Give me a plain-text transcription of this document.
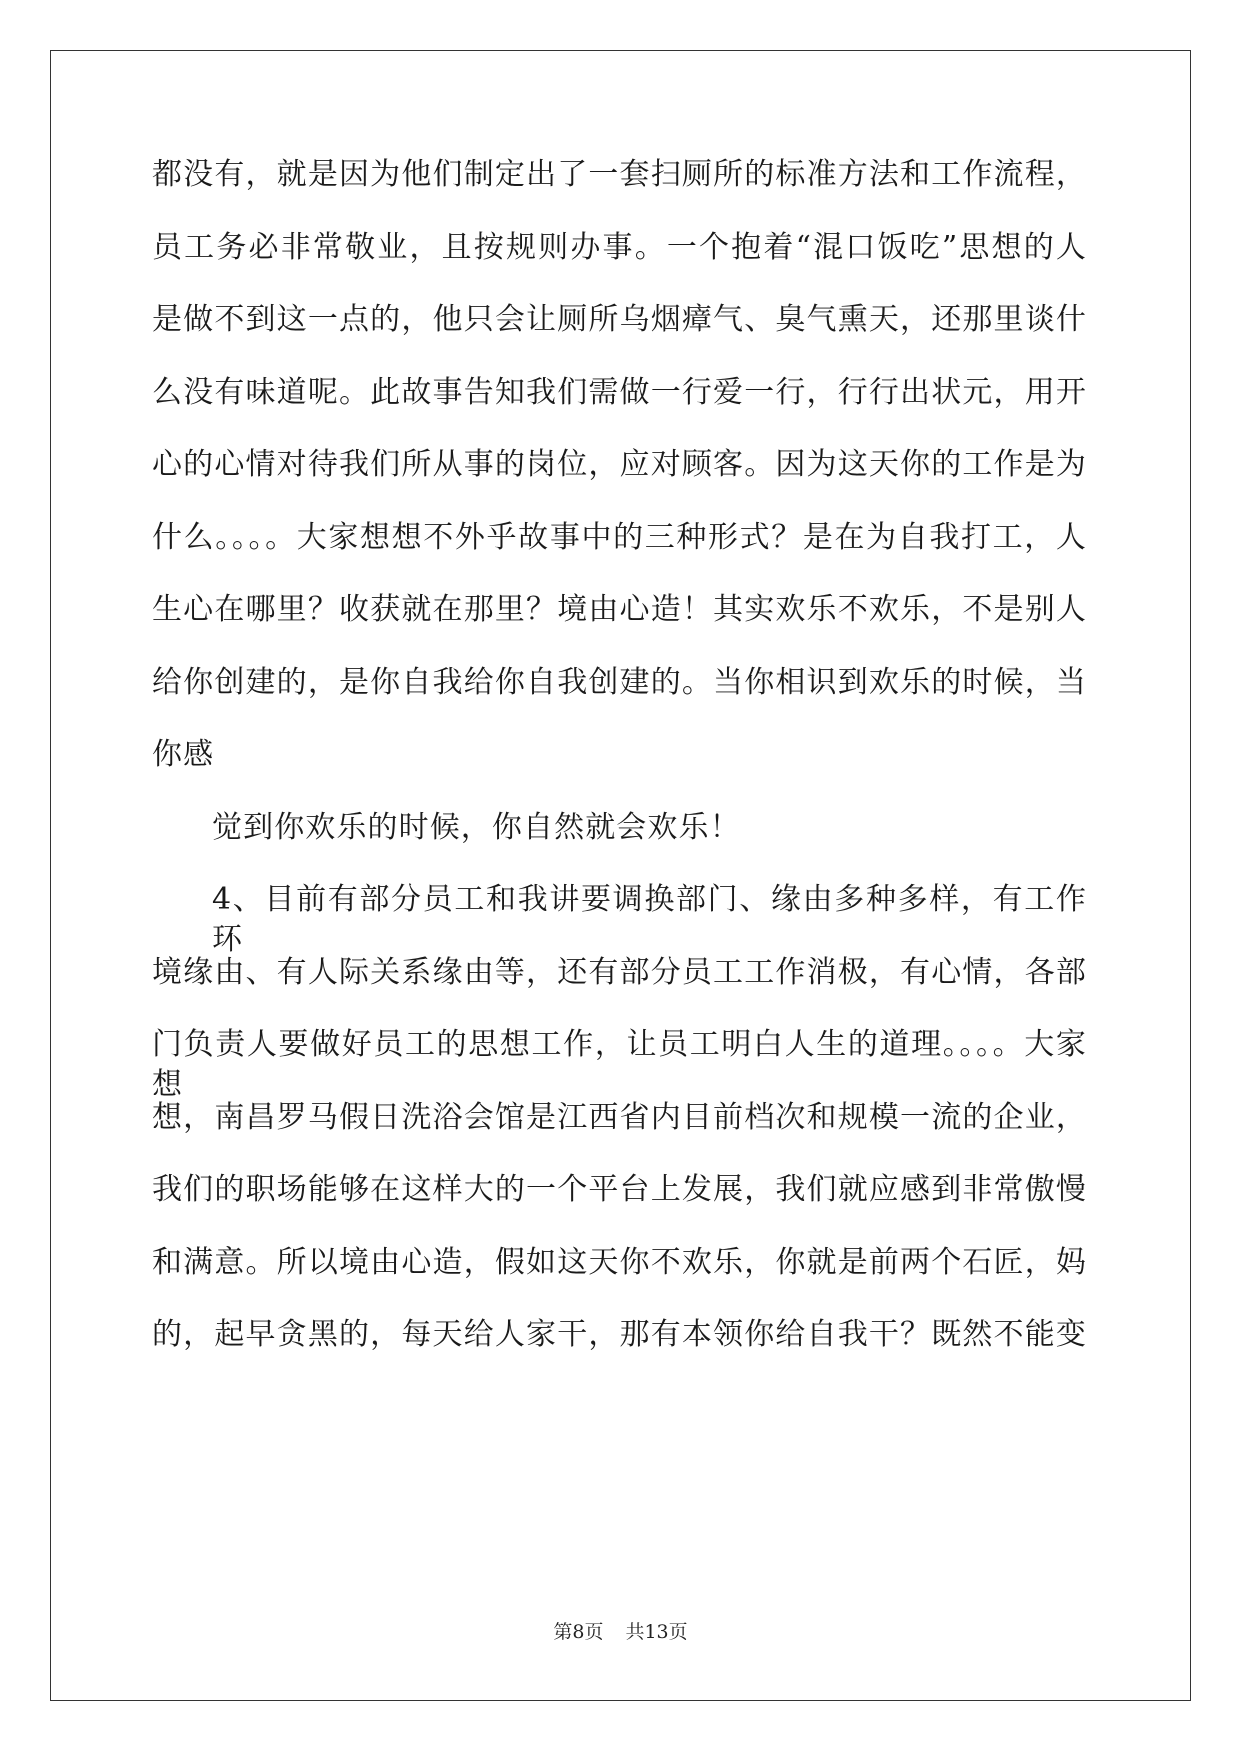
都没有，就是因为他们制定出了一套扫厕所的标准方法和工作流程，
员工务必非常敬业，且按规则办事。一个抱着“混口饭吃”思想的人
是做不到这一点的，他只会让厕所乌烟瘴气、臭气熏天，还那里谈什
么没有味道呢。此故事告知我们需做一行爱一行，行行出状元，用开
心的心情对待我们所从事的岗位，应对顾客。因为这天你的工作是为
什么。。。。大家想想不外乎故事中的三种形式？是在为自我打工，人
生心在哪里？收获就在那里？境由心造！其实欢乐不欢乐，不是别人
给你创建的，是你自我给你自我创建的。当你相识到欢乐的时候，当
你感
觉到你欢乐的时候，你自然就会欢乐！
4、目前有部分员工和我讲要调换部门、缘由多种多样，有工作环
境缘由、有人际关系缘由等，还有部分员工工作消极，有心情，各部
门负责人要做好员工的思想工作，让员工明白人生的道理。。。。大家想
想，南昌罗马假日洗浴会馆是江西省内目前档次和规模一流的企业，
我们的职场能够在这样大的一个平台上发展，我们就应感到非常傲慢
和满意。所以境由心造，假如这天你不欢乐，你就是前两个石匠，妈
的，起早贪黑的，每天给人家干，那有本领你给自我干？既然不能变
第8页 共13页
